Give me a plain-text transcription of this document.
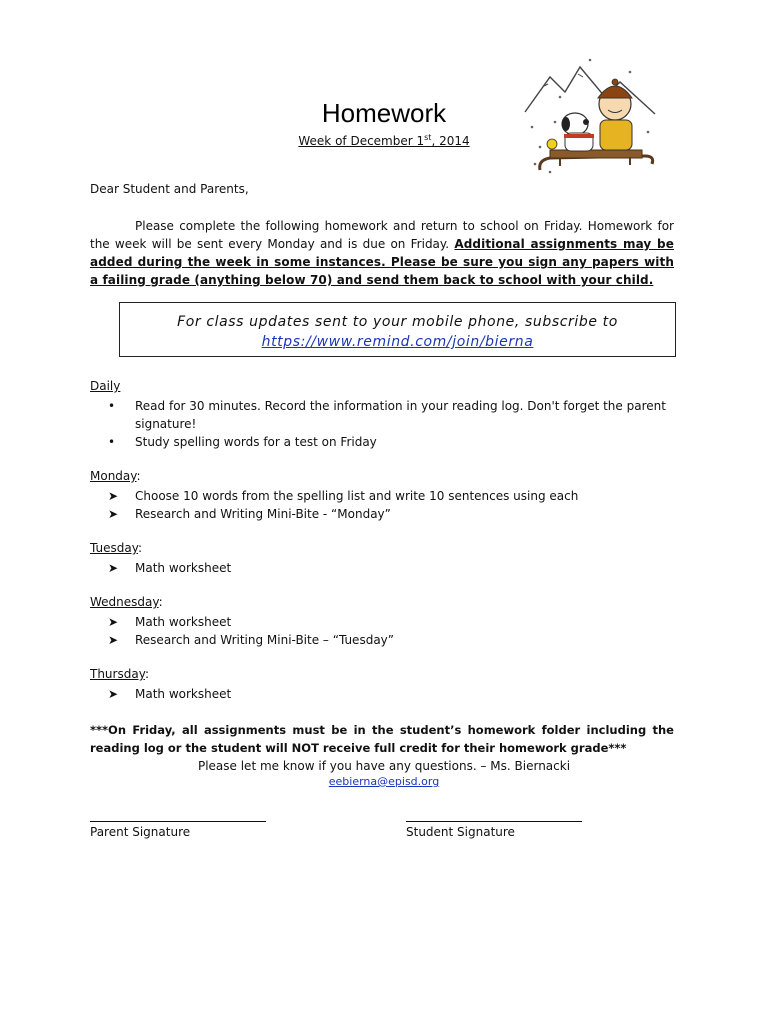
Homework
Week of December 1st, 2014
Dear Student and Parents,
Please complete the following homework and return to school on Friday. Homework for the week will be sent every Monday and is due on Friday. Additional assignments may be added during the week in some instances. Please be sure you sign any papers with a failing grade (anything below 70) and send them back to school with your child.
For class updates sent to your mobile phone, subscribe to
https://www.remind.com/join/bierna
Daily
•	Read for 30 minutes. Record the information in your reading log. Don't forget the parent signature!
•	Study spelling words for a test on Friday
Monday:
➤	Choose 10 words from the spelling list and write 10 sentences using each
➤	Research and Writing Mini-Bite - “Monday”
Tuesday:
➤	Math worksheet
Wednesday:
➤	Math worksheet
➤	Research and Writing Mini-Bite – “Tuesday”
Thursday:
➤	Math worksheet
***On Friday, all assignments must be in the student’s homework folder including the reading log or the student will NOT receive full credit for their homework grade***
Please let me know if you have any questions. – Ms. Biernacki
eebierna@episd.org
Parent Signature	Student Signature
